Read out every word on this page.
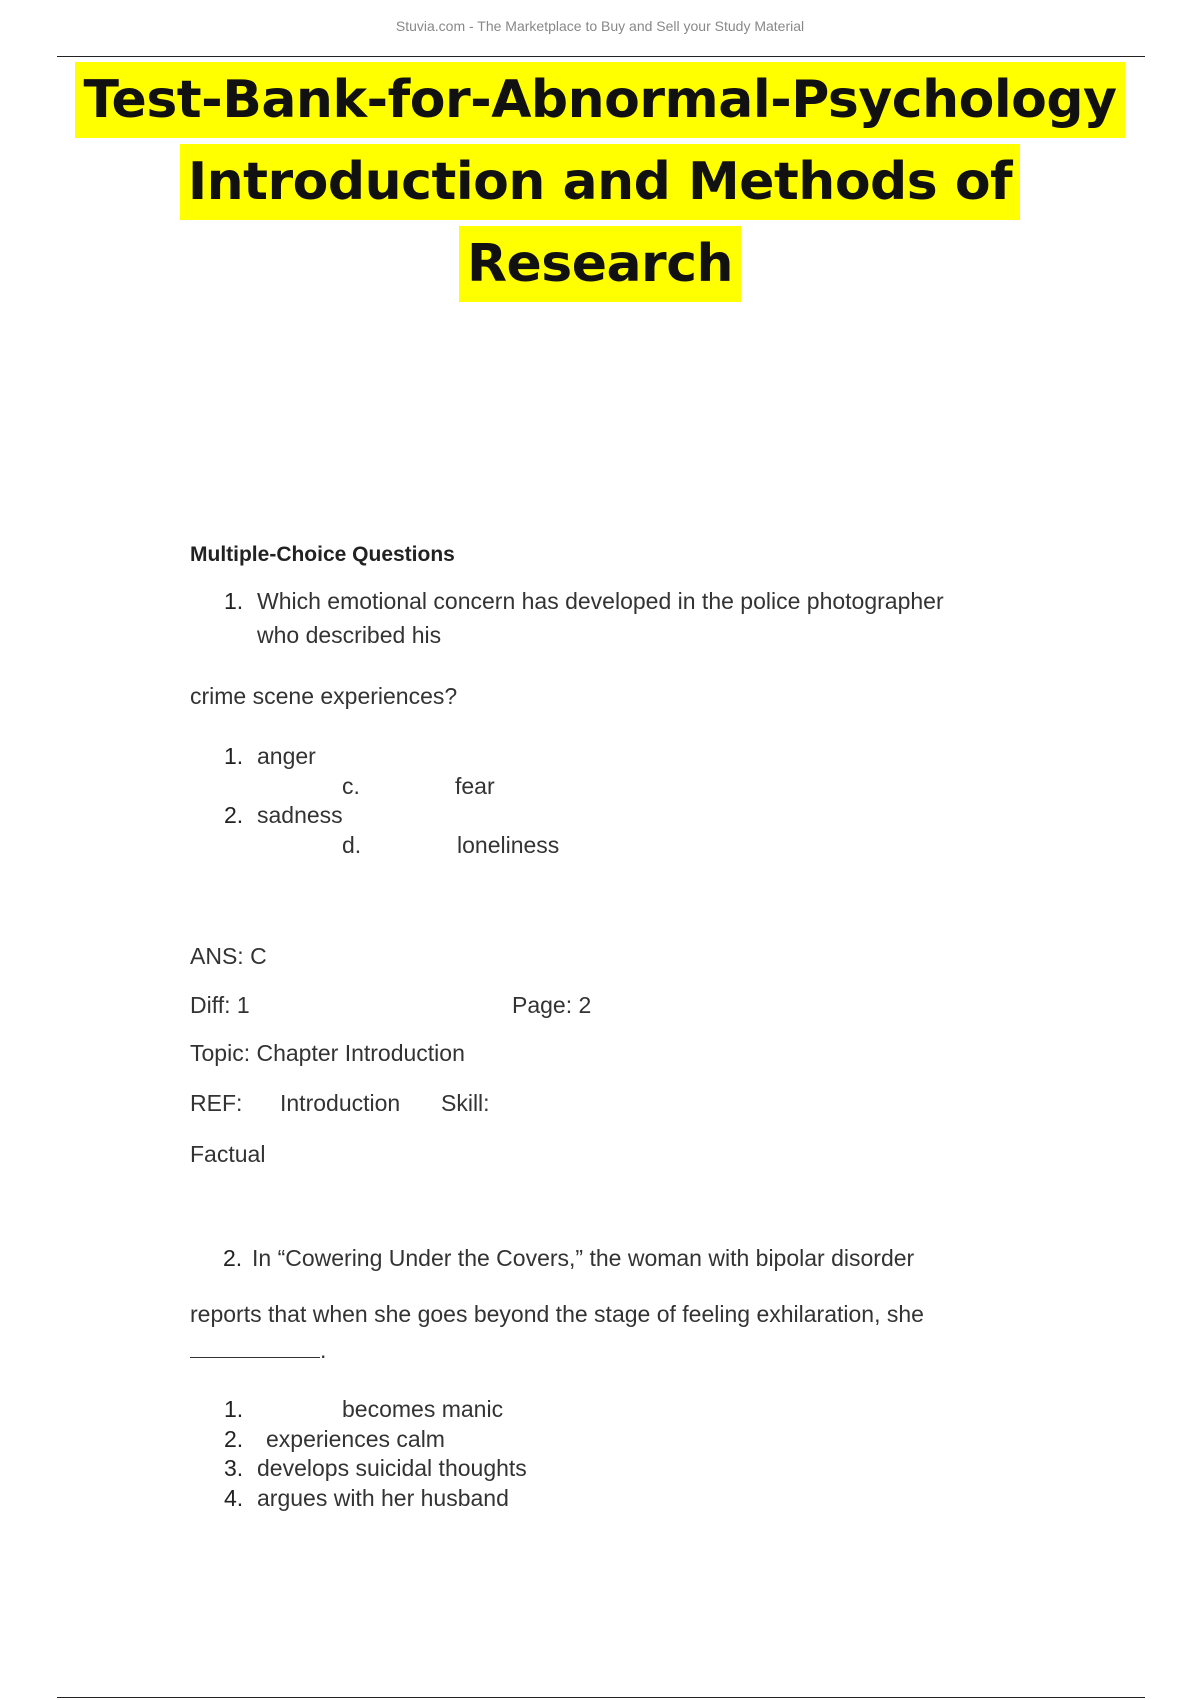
Stuvia.com - The Marketplace to Buy and Sell your Study Material
Test-Bank-for-Abnormal-Psychology
Introduction and Methods of
Research
Multiple-Choice Questions
1. Which emotional concern has developed in the police photographer
who described his
crime scene experiences?
1. anger
c.	fear
2. sadness
d.	loneliness
ANS: C
Diff: 1	Page: 2
Topic: Chapter Introduction
REF: Introduction Skill:
Factual
2. In “Cowering Under the Covers,” the woman with bipolar disorder
reports that when she goes beyond the stage of feeling exhilaration, she
.
1.	becomes manic
2. experiences calm
3. develops suicidal thoughts
4. argues with her husband
